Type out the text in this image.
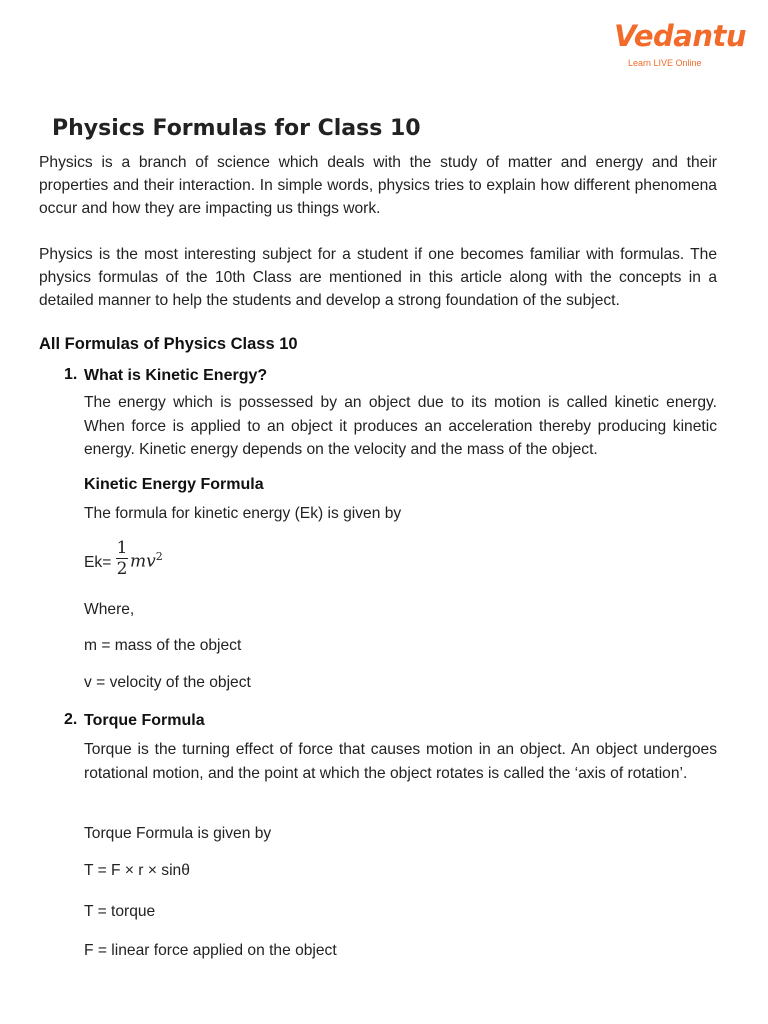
Vedantu
Learn LIVE Online
Physics Formulas for Class 10

Physics is a branch of science which deals with the study of matter and energy and their properties and their interaction. In simple words, physics tries to explain how different phenomena occur and how they are impacting us things work.

Physics is the most interesting subject for a student if one becomes familiar with formulas. The physics formulas of the 10th Class are mentioned in this article along with the concepts in a detailed manner to help the students and develop a strong foundation of the subject.

All Formulas of Physics Class 10
1. What is Kinetic Energy?

The energy which is possessed by an object due to its motion is called kinetic energy. When force is applied to an object it produces an acceleration thereby producing kinetic energy. Kinetic energy depends on the velocity and the mass of the object.

Kinetic Energy Formula

The formula for kinetic energy (Ek) is given by

Ek=
1
2 $mv^2$

Where,

m = mass of the object

v = velocity of the object

2. Torque Formula

Torque is the turning effect of force that causes motion in an object. An object undergoes rotational motion, and the point at which the object rotates is called the ‘axis of rotation’.

Torque Formula is given by

T = F × r × sinθ

T = torque

F = linear force applied on the object
